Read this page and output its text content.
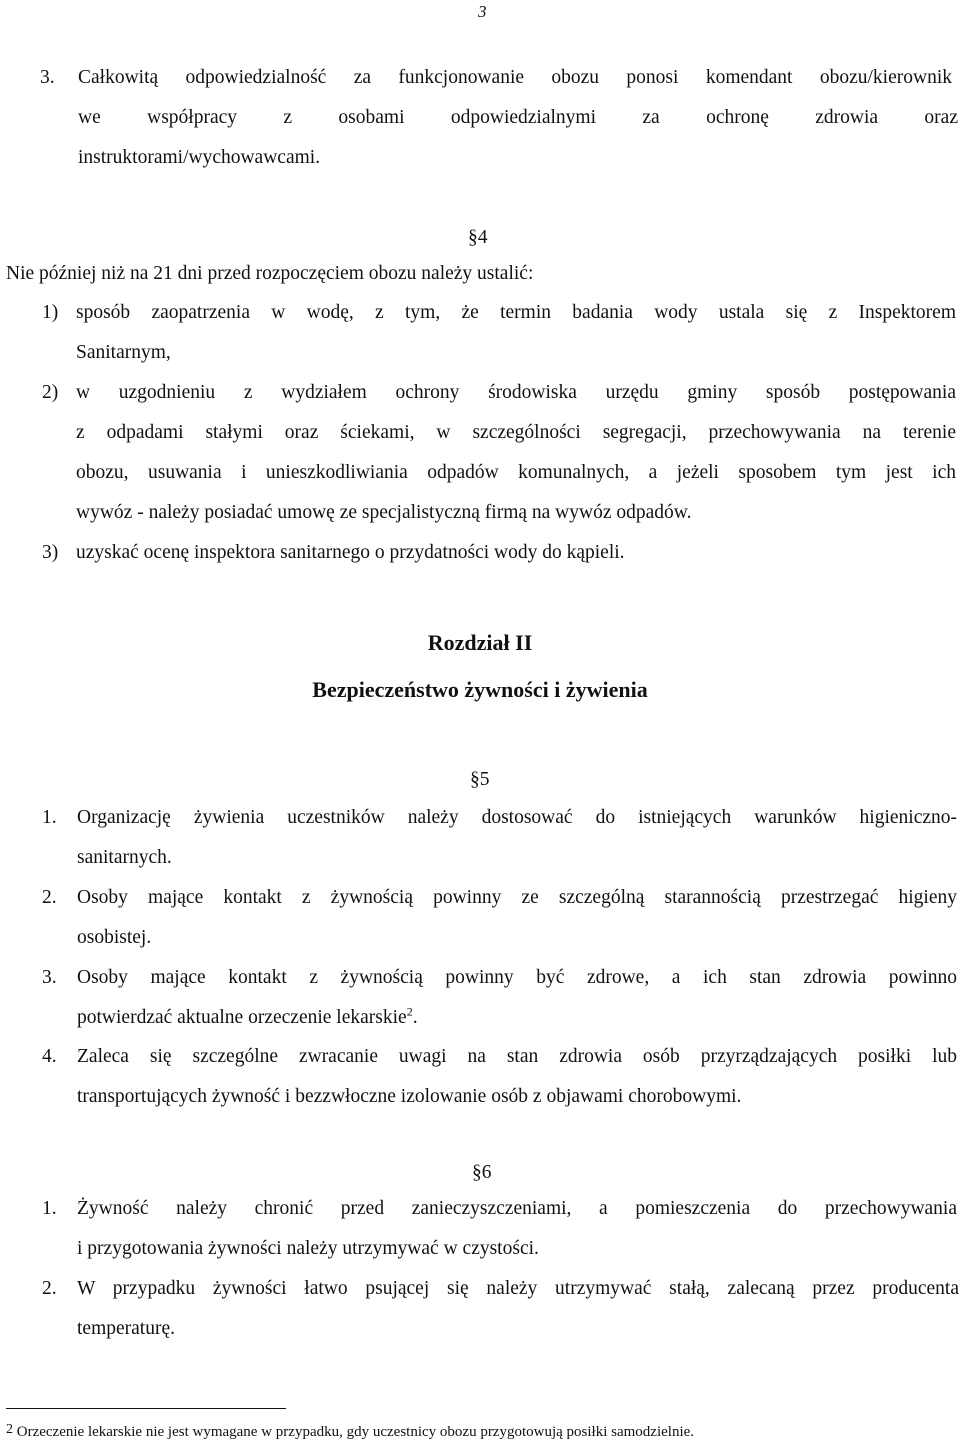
3
3. Całkowitą odpowiedzialność za funkcjonowanie obozu ponosi komendant obozu/kierownik
we współpracy z osobami odpowiedzialnymi za ochronę zdrowia oraz
instruktorami/wychowawcami.
§4
Nie później niż na 21 dni przed rozpoczęciem obozu należy ustalić:
1) sposób zaopatrzenia w wodę, z tym, że termin badania wody ustala się z Inspektorem
Sanitarnym,
2) w uzgodnieniu z wydziałem ochrony środowiska urzędu gminy sposób postępowania
z odpadami stałymi oraz ściekami, w szczególności segregacji, przechowywania na terenie
obozu, usuwania i unieszkodliwiania odpadów komunalnych, a jeżeli sposobem tym jest ich
wywóz - należy posiadać umowę ze specjalistyczną firmą na wywóz odpadów.
3) uzyskać ocenę inspektora sanitarnego o przydatności wody do kąpieli.
Rozdział II
Bezpieczeństwo żywności i żywienia
§5
1. Organizację żywienia uczestników należy dostosować do istniejących warunków higieniczno-
sanitarnych.
2. Osoby mające kontakt z żywnością powinny ze szczególną starannością przestrzegać higieny
osobistej.
3. Osoby mające kontakt z żywnością powinny być zdrowe, a ich stan zdrowia powinno
potwierdzać aktualne orzeczenie lekarskie$^2$.
4. Zaleca się szczególne zwracanie uwagi na stan zdrowia osób przyrządzających posiłki lub
transportujących żywność i bezzwłoczne izolowanie osób z objawami chorobowymi.
§6
1. Żywność należy chronić przed zanieczyszczeniami, a pomieszczenia do przechowywania
i przygotowania żywności należy utrzymywać w czystości.
2. W przypadku żywności łatwo psującej się należy utrzymywać stałą, zalecaną przez producenta
temperaturę.
$^2$ Orzeczenie lekarskie nie jest wymagane w przypadku, gdy uczestnicy obozu przygotowują posiłki samodzielnie.
